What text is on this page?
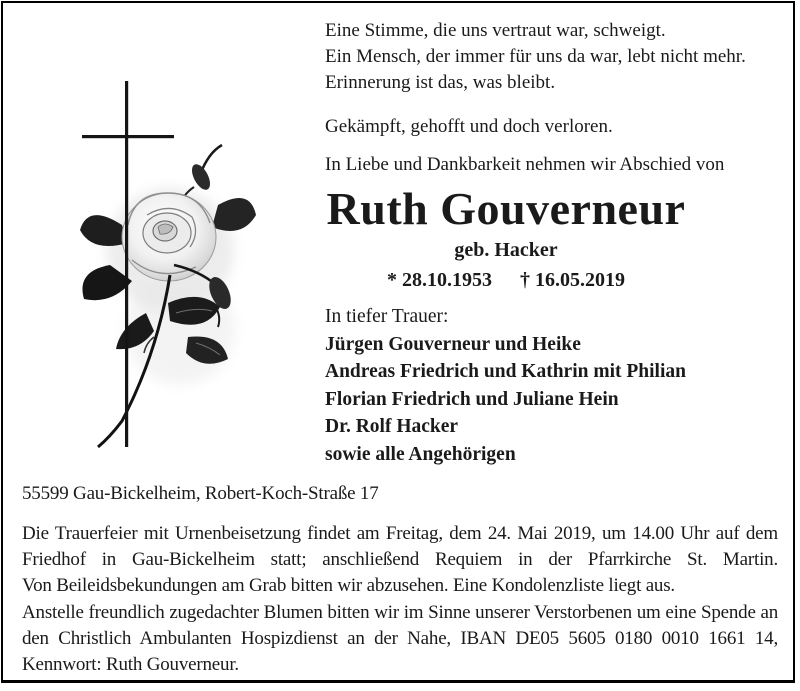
Eine Stimme, die uns vertraut war, schweigt.
Ein Mensch, der immer für uns da war, lebt nicht mehr.
Erinnerung ist das, was bleibt.
Gekämpft, gehofft und doch verloren.
In Liebe und Dankbarkeit nehmen wir Abschied von
Ruth Gouverneur
geb. Hacker
* 28.10.1953 † 16.05.2019
In tiefer Trauer:
Jürgen Gouverneur und Heike
Andreas Friedrich und Kathrin mit Philian
Florian Friedrich und Juliane Hein
Dr. Rolf Hacker
sowie alle Angehörigen
55599 Gau-Bickelheim, Robert-Koch-Straße 17

Die Trauerfeier mit Urnenbeisetzung findet am Freitag, dem 24. Mai 2019, um 14.00 Uhr auf dem Friedhof in Gau-Bickelheim statt; anschließend Requiem in der Pfarrkirche St. Martin.

Von Beileidsbekundungen am Grab bitten wir abzusehen. Eine Kondolenzliste liegt aus.

Anstelle freundlich zugedachter Blumen bitten wir im Sinne unserer Verstorbenen um eine Spende an den Christlich Ambulanten Hospizdienst an der Nahe, IBAN DE05 5605 0180 0010 1661 14, Kennwort: Ruth Gouverneur.
